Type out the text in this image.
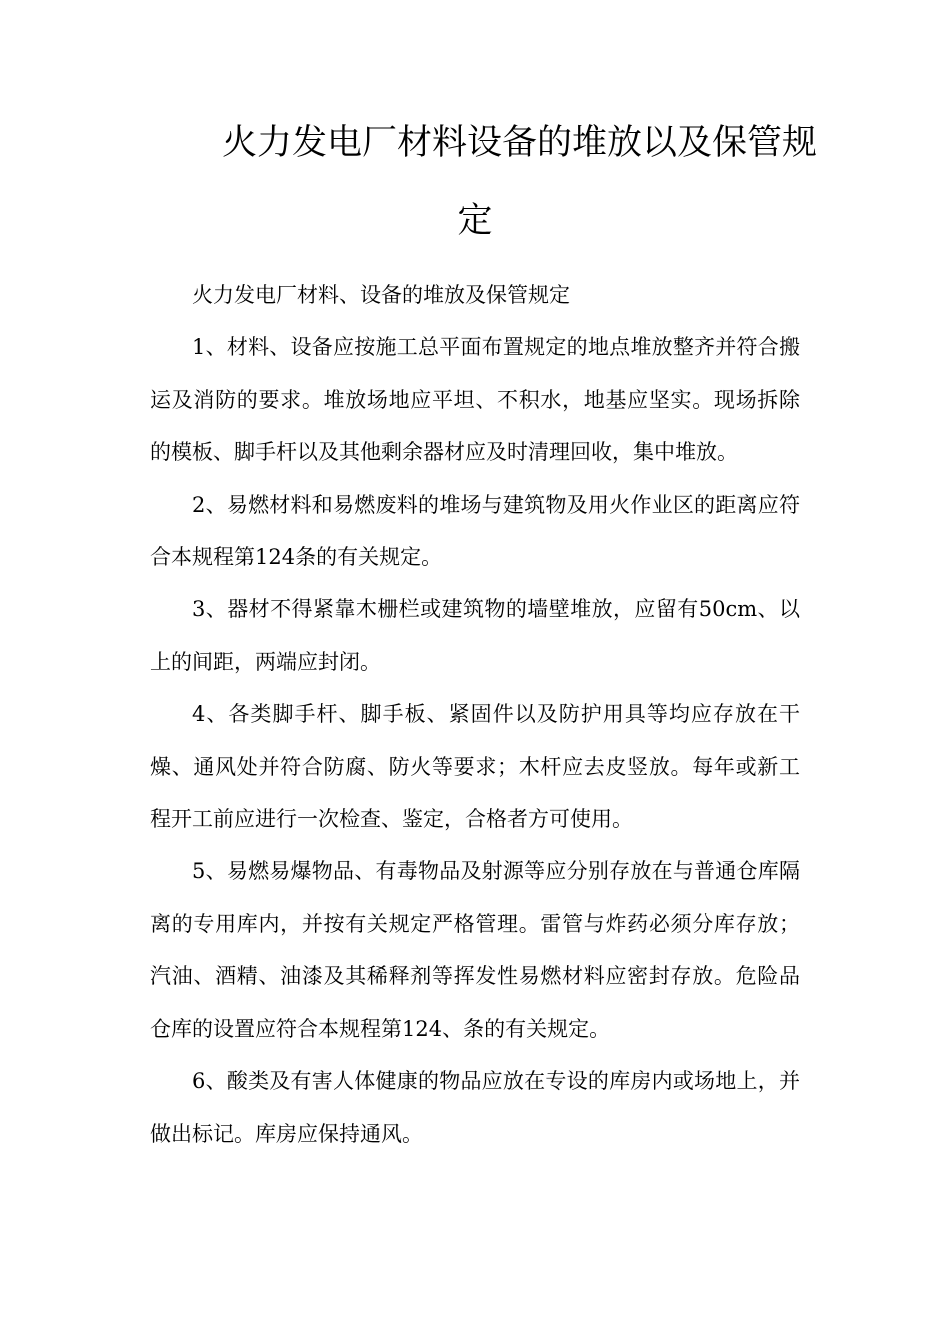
火力发电厂材料设备的堆放以及保管规
定

火力发电厂材料、设备的堆放及保管规定

1、材料、设备应按施工总平面布置规定的地点堆放整齐并符合搬运及消防的要求。堆放场地应平坦、不积水，地基应坚实。现场拆除的模板、脚手杆以及其他剩余器材应及时清理回收，集中堆放。

2、易燃材料和易燃废料的堆场与建筑物及用火作业区的距离应符合本规程第124条的有关规定。

3、器材不得紧靠木栅栏或建筑物的墙壁堆放，应留有50cm、以上的间距，两端应封闭。

4、各类脚手杆、脚手板、紧固件以及防护用具等均应存放在干燥、通风处并符合防腐、防火等要求；木杆应去皮竖放。每年或新工程开工前应进行一次检查、鉴定，合格者方可使用。

5、易燃易爆物品、有毒物品及射源等应分别存放在与普通仓库隔离的专用库内，并按有关规定严格管理。雷管与炸药必须分库存放；汽油、酒精、油漆及其稀释剂等挥发性易燃材料应密封存放。危险品仓库的设置应符合本规程第124、条的有关规定。

6、酸类及有害人体健康的物品应放在专设的库房内或场地上，并做出标记。库房应保持通风。
